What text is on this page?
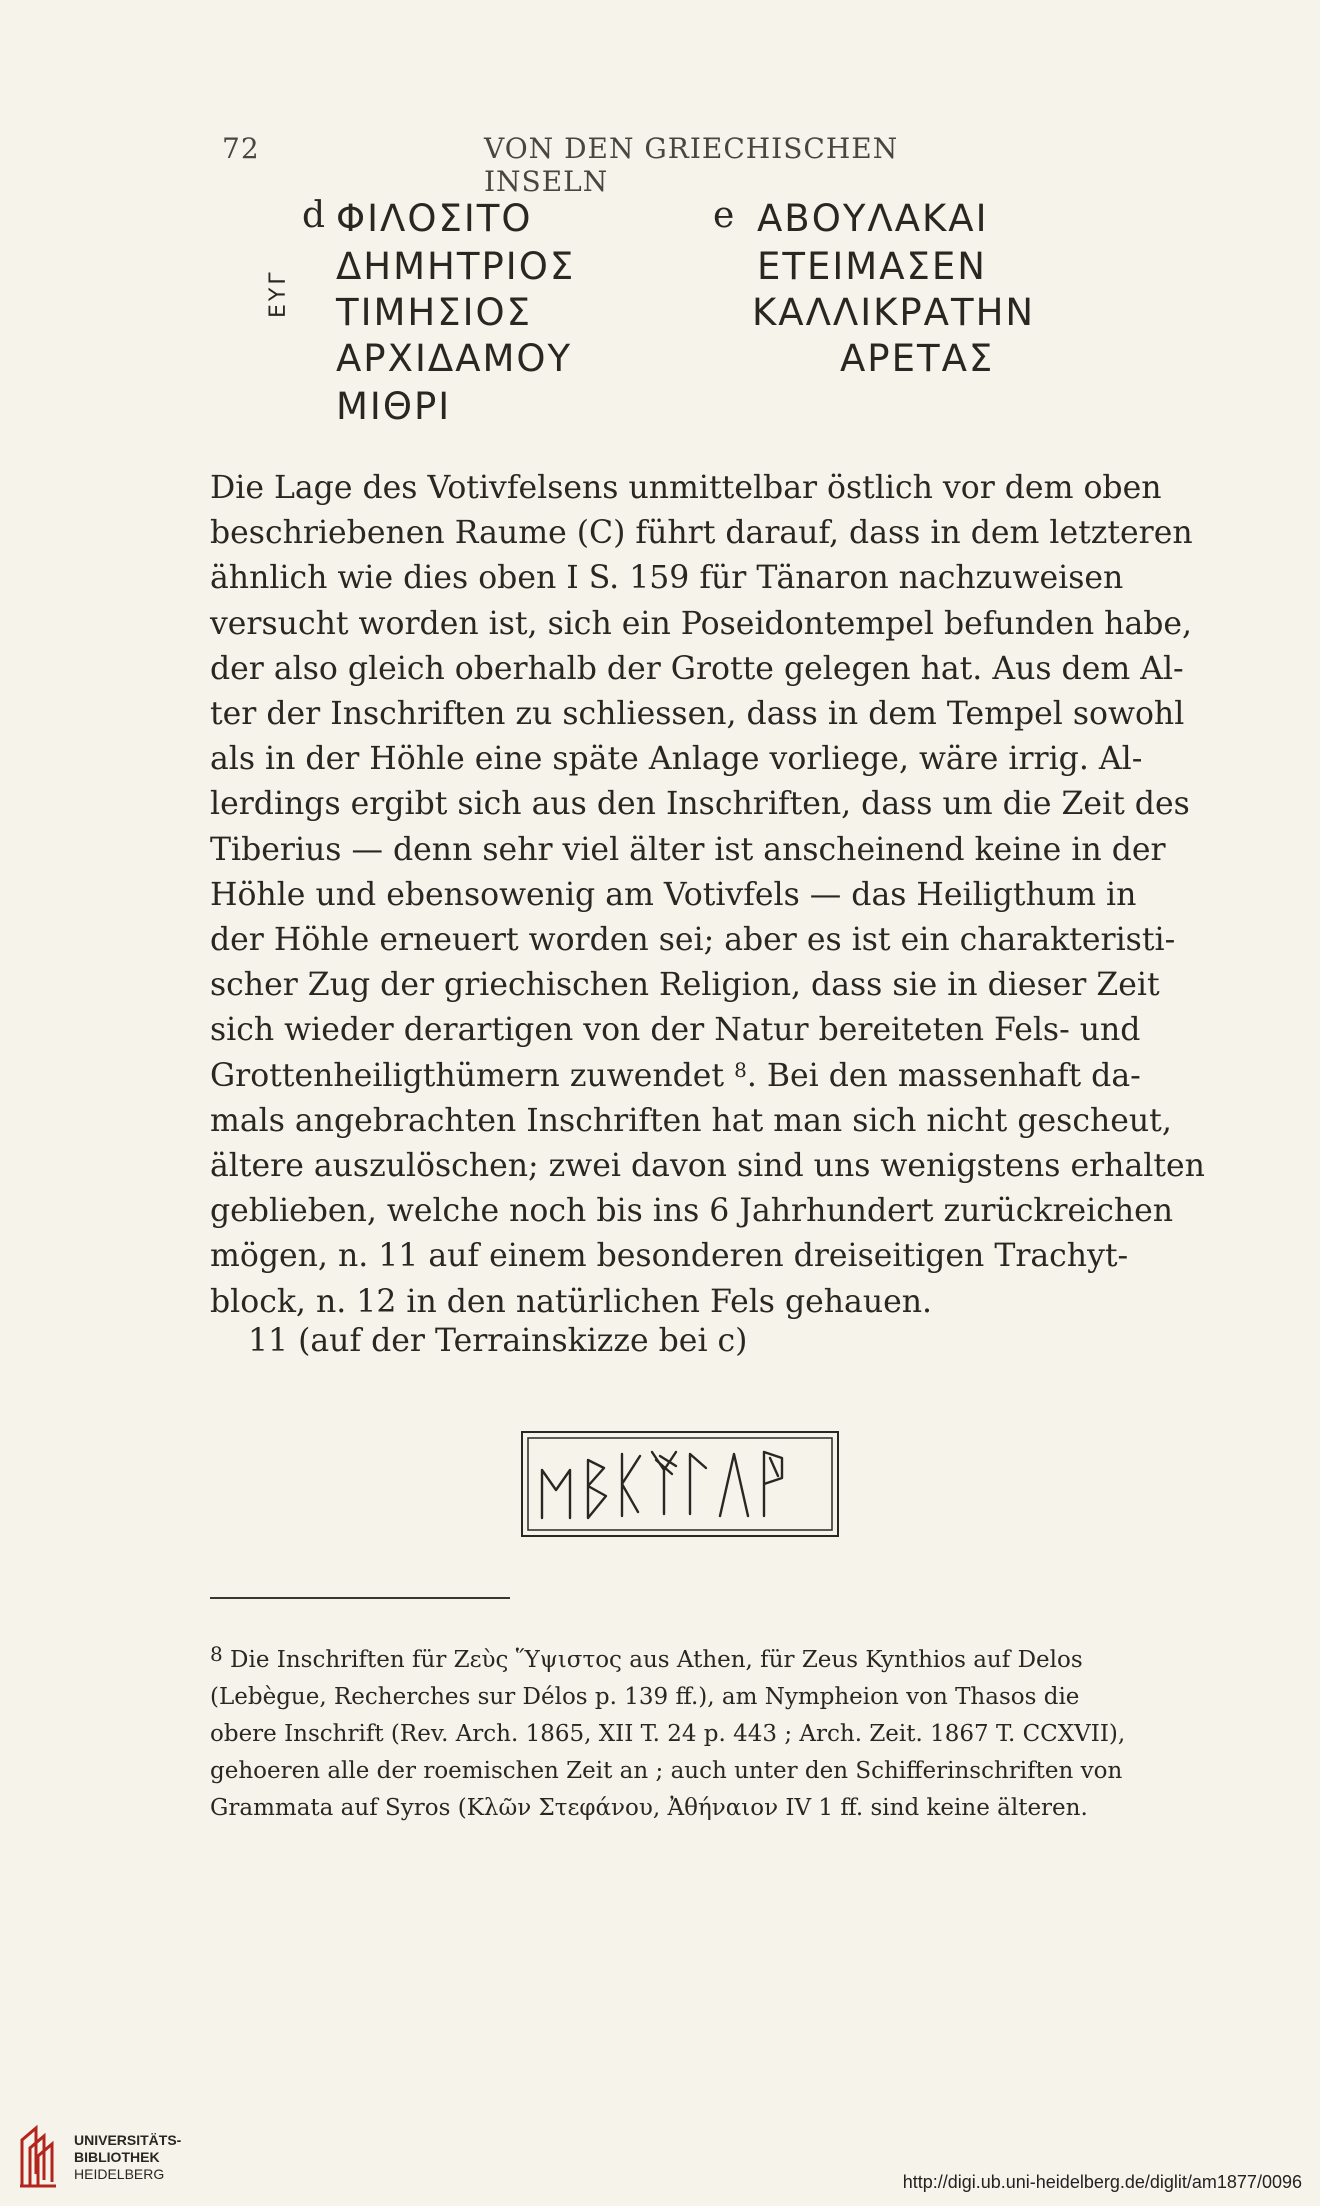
72	VON DEN GRIECHISCHEN INSELN
d ΦΙΛΟΣΙΤΟ
ΔΗΜΗΤΡΙΟΣ
ΤΙΜΗΣΙΟΣ
ΑΡΧΙΔΑΜΟΥ
ΜΙΘΡΙ
ΕΥΓ
e ΑΒΟΥΛΑΚΑΙ
ΕΤΕΙΜΑΣΕΝ
ΚΑΛΛΙΚΡΑΤΗΝ
ΑΡΕΤΑΣ
Die Lage des Votivfelsens unmittelbar östlich vor dem oben
beschriebenen Raume (C) führt darauf, dass in dem letzteren
ähnlich wie dies oben I S. 159 für Tänaron nachzuweisen
versucht worden ist, sich ein Poseidontempel befunden habe,
der also gleich oberhalb der Grotte gelegen hat. Aus dem Al-
ter der Inschriften zu schliessen, dass in dem Tempel sowohl
als in der Höhle eine späte Anlage vorliege, wäre irrig. Al-
lerdings ergibt sich aus den Inschriften, dass um die Zeit des
Tiberius — denn sehr viel älter ist anscheinend keine in der
Höhle und ebensowenig am Votivfels — das Heiligthum in
der Höhle erneuert worden sei; aber es ist ein charakteristi-
scher Zug der griechischen Religion, dass sie in dieser Zeit
sich wieder derartigen von der Natur bereiteten Fels- und
Grottenheiligthümern zuwendet $^8$. Bei den massenhaft da-
mals angebrachten Inschriften hat man sich nicht gescheut,
ältere auszulöschen; zwei davon sind uns wenigstens erhalten
geblieben, welche noch bis ins 6 Jahrhundert zurückreichen
mögen, n. 11 auf einem besonderen dreiseitigen Trachyt-
block, n. 12 in den natürlichen Fels gehauen.
11 (auf der Terrainskizze bei c)
$^8$ Die Inschriften für Ζεὺς Ὕψιστος aus Athen, für Zeus Kynthios auf Delos
(Lebègue, Recherches sur Délos p. 139 ff.), am Nympheion von Thasos die
obere Inschrift (Rev. Arch. 1865, XII T. 24 p. 443 ; Arch. Zeit. 1867 T. CCXVII),
gehoeren alle der roemischen Zeit an ; auch unter den Schifferinschriften von
Grammata auf Syros (Κλῶν Στεφάνου, Ἀθήναιον IV 1 ff. sind keine älteren.
UNIVERSITÄTS-
BIBLIOTHEK
HEIDELBERG	http://digi.ub.uni-heidelberg.de/diglit/am1877/0096
